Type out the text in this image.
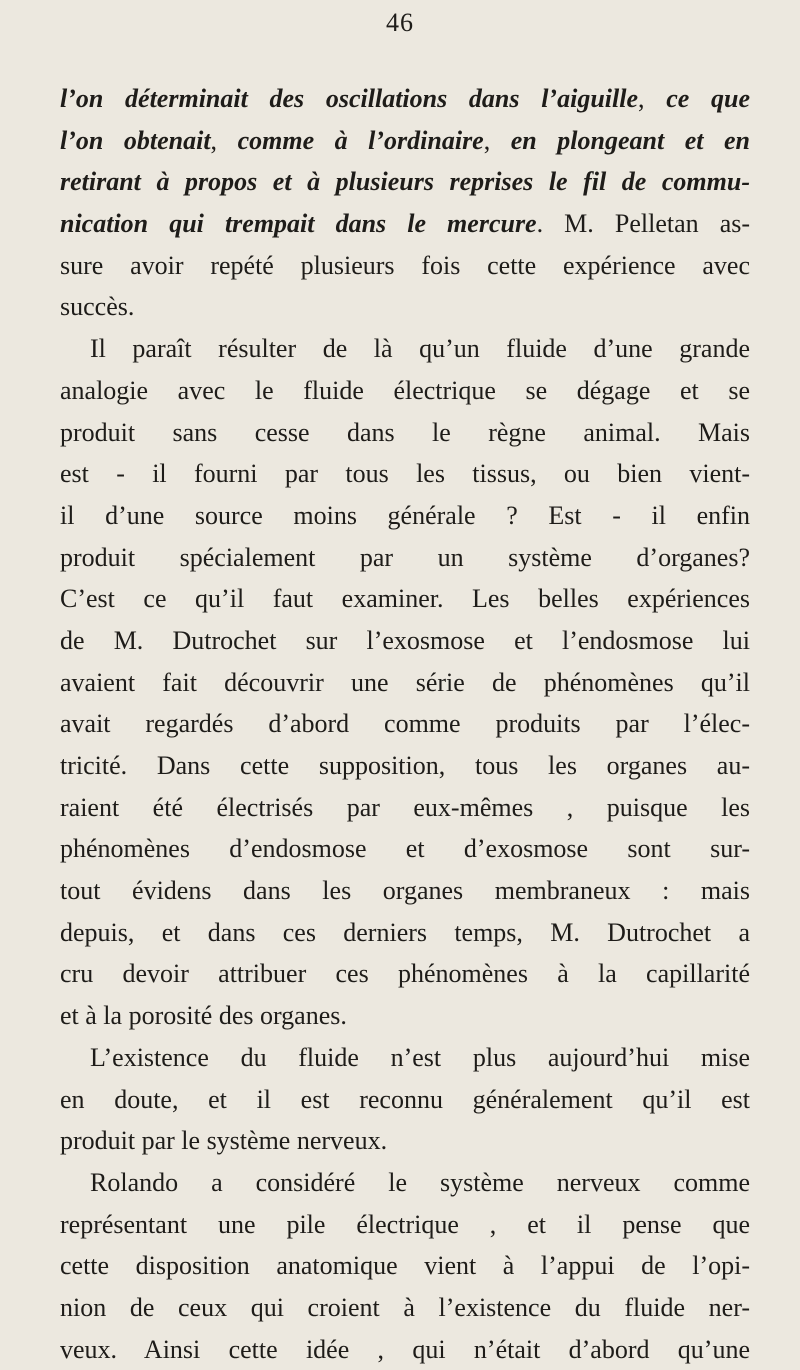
46
l’on déterminait des oscillations dans l’aiguille, ce que
l’on obtenait, comme à l’ordinaire, en plongeant et en
retirant à propos et à plusieurs reprises le fil de commu-
nication qui trempait dans le mercure. M. Pelletan as-
sure avoir repété plusieurs fois cette expérience avec
succès.
Il paraît résulter de là qu’un fluide d’une grande
analogie avec le fluide électrique se dégage et se
produit sans cesse dans le règne animal. Mais
est - il fourni par tous les tissus, ou bien vient-
il d’une source moins générale ? Est - il enfin
produit spécialement par un système d’organes?
C’est ce qu’il faut examiner. Les belles expériences
de M. Dutrochet sur l’exosmose et l’endosmose lui
avaient fait découvrir une série de phénomènes qu’il
avait regardés d’abord comme produits par l’élec-
tricité. Dans cette supposition, tous les organes au-
raient été électrisés par eux-mêmes , puisque les
phénomènes d’endosmose et d’exosmose sont sur-
tout évidens dans les organes membraneux : mais
depuis, et dans ces derniers temps, M. Dutrochet a
cru devoir attribuer ces phénomènes à la capillarité
et à la porosité des organes.
L’existence du fluide n’est plus aujourd’hui mise
en doute, et il est reconnu généralement qu’il est
produit par le système nerveux.
Rolando a considéré le système nerveux comme
représentant une pile électrique , et il pense que
cette disposition anatomique vient à l’appui de l’opi-
nion de ceux qui croient à l’existence du fluide ner-
veux. Ainsi cette idée , qui n’était d’abord qu’une
